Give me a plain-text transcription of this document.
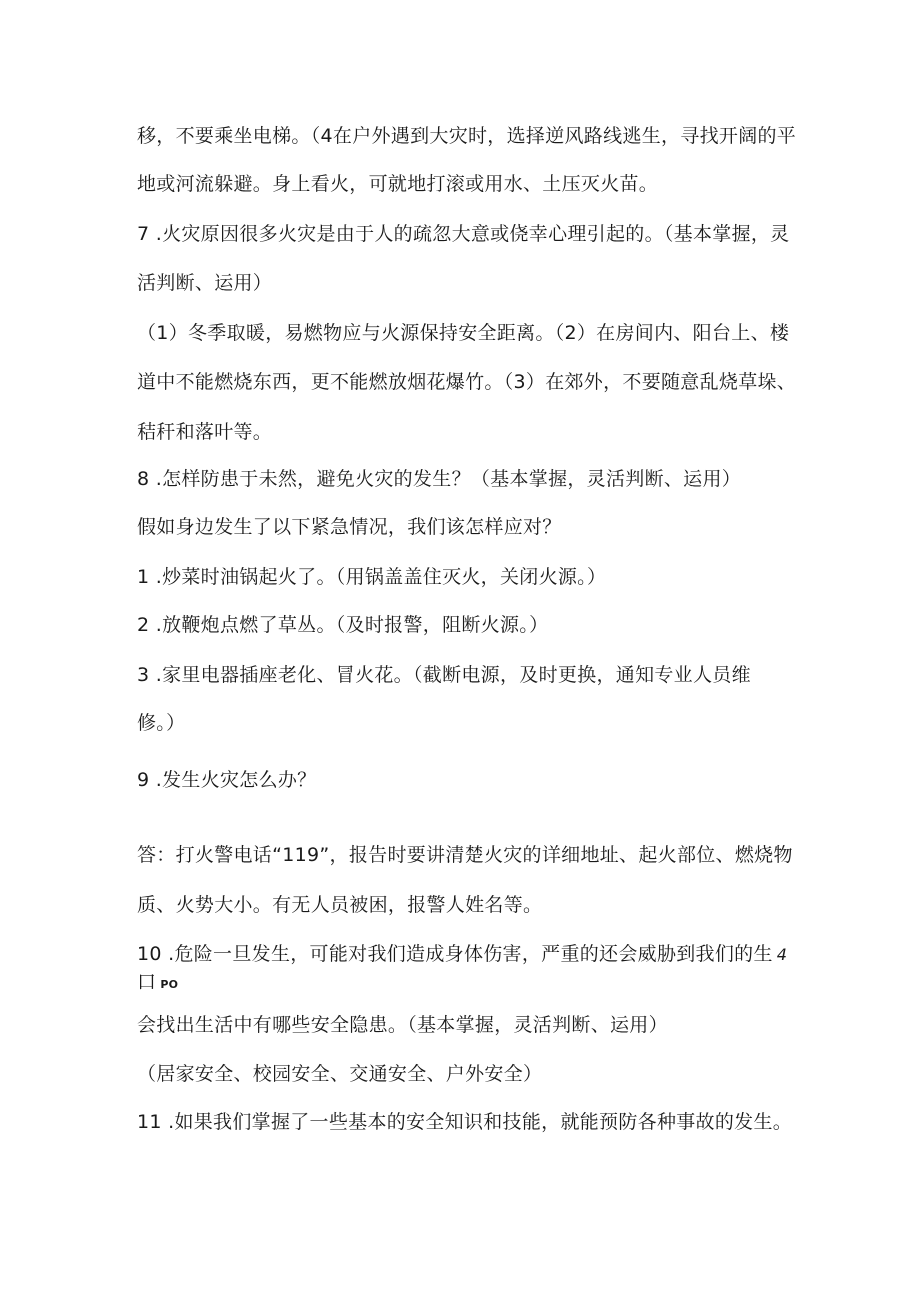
移，不要乘坐电梯。（4在户外遇到大灾时，选择逆风路线逃生，寻找开阔的平
地或河流躲避。身上看火，可就地打滚或用水、土压灭火苗。
7 .火灾原因很多火灾是由于人的疏忽大意或侥幸心理引起的。（基本掌握，灵
活判断、运用）
（1）冬季取暖，易燃物应与火源保持安全距离。（2）在房间内、阳台上、楼
道中不能燃烧东西，更不能燃放烟花爆竹。（3）在郊外，不要随意乱烧草垛、
秸秆和落叶等。
8 .怎样防患于未然，避免火灾的发生？（基本掌握，灵活判断、运用）
假如身边发生了以下紧急情况，我们该怎样应对？
1 .炒菜时油锅起火了。（用锅盖盖住灭火，关闭火源。）
2 .放鞭炮点燃了草丛。（及时报警，阻断火源。）
3 .家里电器插座老化、冒火花。（截断电源，及时更换，通知专业人员维
修。）
9 .发生火灾怎么办？
答：打火警电话“119”，报告时要讲清楚火灾的详细地址、起火部位、燃烧物
质、火势大小。有无人员被困，报警人姓名等。
10 .危险一旦发生，可能对我们造成身体伤害，严重的还会威胁到我们的生 4
口PO
会找出生活中有哪些安全隐患。（基本掌握，灵活判断、运用）
（居家安全、校园安全、交通安全、户外安全）
11 .如果我们掌握了一些基本的安全知识和技能，就能预防各种事故的发生。
